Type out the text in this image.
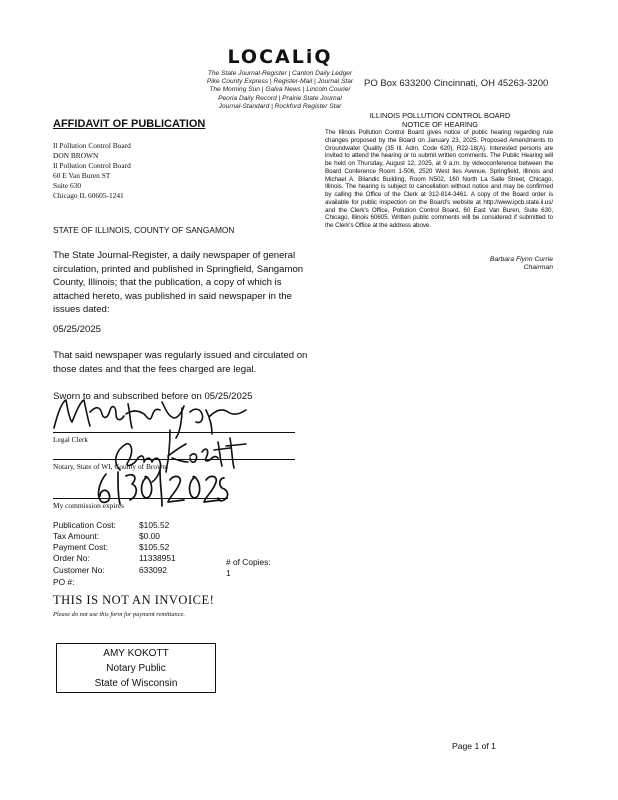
LOCALiQ
The State Journal-Register | Canton Daily Ledger
Pike County Express | Register-Mail | Journal Star
The Morning Sun | Galva News | Lincoln Courier
Peoria Daily Record | Prairie State Journal
Journal-Standard | Rockford Register Star
PO Box 633200 Cincinnati, OH 45263-3200
AFFIDAVIT OF PUBLICATION
Il Pollution Control Board
DON BROWN
Il Pollution Control Board
60 E Van Buren ST
Suite 630
Chicago IL 60605-1241
STATE OF ILLINOIS, COUNTY OF SANGAMON
The State Journal-Register, a daily newspaper of general circulation, printed and published in Springfield, Sangamon County, Illinois; that the publication, a copy of which is attached hereto, was published in said newspaper in the issues dated:
05/25/2025
That said newspaper was regularly issued and circulated on those dates and that the fees charged are legal.
Sworn to and subscribed before on 05/25/2025
Legal Clerk
Notary, State of WI, County of Brown
My commission expires
Publication Cost:	$105.52
Tax Amount:	$0.00
Payment Cost:	$105.52
Order No:	11338951
Customer No:	633092
PO #:
# of Copies:
1
THIS IS NOT AN INVOICE!
Please do not use this form for payment remittance.
AMY KOKOTT
Notary Public
State of Wisconsin
ILLINOIS POLLUTION CONTROL BOARD
NOTICE OF HEARING
The Illinois Pollution Control Board gives notice of public hearing regarding rule changes proposed by the Board on January 23, 2025: Proposed Amendments to Groundwater Quality (35 Ill. Adm. Code 620), R22-18(A). Interested persons are invited to attend the hearing or to submit written comments. The Public Hearing will be held on Thursday, August 12, 2025, at 9 a.m. by videoconference between the Board Conference Room 1-506, 2520 West Iles Avenue, Springfield, Illinois and Michael A. Bilandic Building, Room N502, 160 North La Salle Street, Chicago, Illinois. The hearing is subject to cancellation without notice and may be confirmed by calling the Office of the Clerk at 312-814-3461. A copy of the Board order is available for public inspection on the Board's website at http://www.ipcb.state.il.us/ and the Clerk's Office, Pollution Control Board, 60 East Van Buren, Suite 630, Chicago, Illinois 60605. Written public comments will be considered if submitted to the Clerk's Office at the address above.
Barbara Flynn Currie
Chairman
Page 1 of 1
